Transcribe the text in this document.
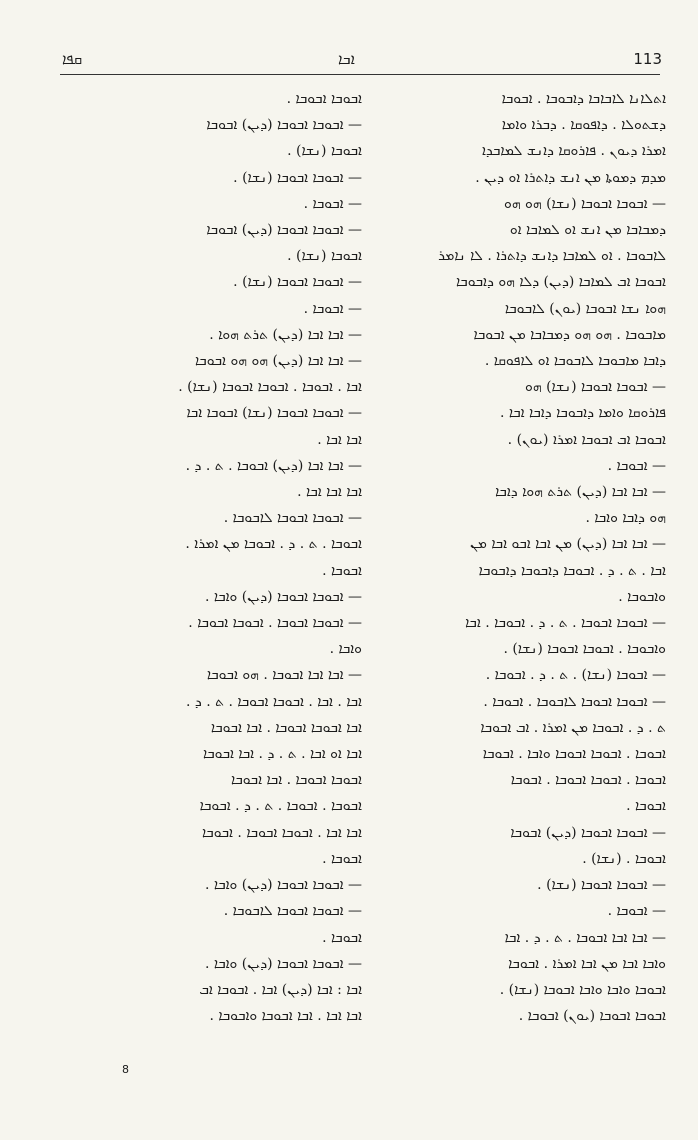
ܩܦܐ	ܐܒܐ	113
ܐܬܠܐܢܐ ܠܐܒܐܒܐ ܕܐܒܘܒܐ . ܐܒܘܒܐ
ܕܫܬܘܠܐ . ܕܐܦܘܩܐ . ܕܒܪܐ ܘܐܡܐ
ܐܡܪܐ ܕܝܘܢ . ܦܐܪܘܩܐ ܕܐܢܫ ܠܡܐܒܕܐ
ܡܕܡ ܕܡܘܬܐ ܡܢ ܐܢܫ ܕܐܬܪܐ ܐܘ ܕܝܢ .
— ܐܒܘܒܐ ܐܒܘܒܐ (ܢܫܐ) ܗܘ ܗܘ
ܕܡܒܐܒܐ ܡܢ ܐܢܫ ܐܘ ܠܡܐܒܐ ܐܘ
ܠܐܒܘܒܐ . ܐܘ ܠܡܐܒܐ ܕܐܢܫ ܕܐܬܪܐ . ܠܐ ܢܐܡܪ
ܐܒܘܒܐ ܐܒ ܠܡܐܒܐ (ܕܝܢ) ܕܠܐ ܗܘ ܕܐܒܘܒܐ
ܗܘܐ ܢܫܐ ܐܒܘܒܐ (ܝܘܢ) ܠܐܒܘܒܐ
ܡܐܒܘܒܐ . ܗܘ ܗܘ ܕܡܒܐܒܐ ܡܢ ܐܒܘܒܐ
ܕܐܒܐ ܡܐܒܘܒܐ ܠܐܒܘܒܐ ܐܘ ܠܐܦܘܩܐ .
— ܐܒܘܒܐ ܐܒܘܒܐ (ܢܫܐ) ܗܘ
ܦܐܪܘܩܐ ܘܐܡܐ ܕܐܒܘܒܐ ܕܐܒܐ ܐܒܐ .
ܐܒܘܒܐ ܐܒ ܐܒܘܒܐ ܐܡܪܐ (ܝܘܢ) .
— ܐܒܘܒܐ .
— ܐܒܐ ܐܒܐ (ܕܝܢ) ܬܪܬ ܗܘܐ ܕܐܒܐ
ܗܘ ܕܐܒܐ ܘܐܒܐ .
— ܐܒܐ ܐܒܐ (ܕܝܢ) ܡܢ ܐܒܐ ܐܒܘ ܐܒܐ ܡܢ
ܐܒܐ . ܬ . ܕ . ܐܒܘܒܐ ܕܐܒܘܒܐ ܕܐܒܘܒܐ
ܘܐܒܘܒܐ .
— ܐܒܘܒܐ ܐܒܘܒܐ . ܬ . ܕ . ܐܒܘܒܐ . ܐܒܐ
ܘܐܒܘܒܐ . ܐܒܘܒܐ ܐܒܘܒܐ (ܢܫܐ) .
— ܐܒܘܒܐ (ܢܫܐ) . ܬ . ܕ . ܐܒܘܒܐ .
— ܐܒܘܒܐ ܐܒܘܒܐ ܠܐܒܘܒܐ . ܐܒܘܒܐ .
ܬ . ܕ . ܐܒܘܒܐ ܡܢ ܐܡܪܐ . ܐܒ ܐܒܘܒܐ
ܐܒܘܒܐ . ܐܒܘܒܐ ܐܒܘܒܐ ܘܐܒܐ . ܐܒܘܒܐ
ܐܒܘܒܐ . ܐܒܘܒܐ ܐܒܘܒܐ . ܐܒܘܒܐ
ܐܒܘܒܐ .
— ܐܒܘܒܐ ܐܒܘܒܐ (ܕܝܢ) ܐܒܘܒܐ
ܐܒܘܒܐ . (ܢܫܐ) .
— ܐܒܘܒܐ ܐܒܘܒܐ (ܢܫܐ) .
— ܐܒܘܒܐ .
— ܐܒܐ ܐܒܐ ܐܒܘܒܐ . ܬ . ܕ . ܐܒܐ
ܘܐܒܐ ܐܒܐ ܡܢ ܐܒܐ ܐܡܪܐ . ܐܒܘܒܐ
ܐܒܘܒܐ ܘܐܒܐ ܘܐܒܐ ܐܒܘܒܐ (ܢܫܐ) .
ܐܒܘܒܐ ܐܒܘܒܐ (ܝܘܢ) ܐܒܘܒܐ .
ܐܒܘܒܐ ܐܒܘܒܐ .
— ܐܒܘܒܐ ܐܒܘܒܐ (ܕܝܢ) ܐܒܘܒܐ
ܐܒܘܒܐ (ܢܫܐ) .
— ܐܒܘܒܐ ܐܒܘܒܐ (ܢܫܐ) .
— ܐܒܘܒܐ .
— ܐܒܘܒܐ ܐܒܘܒܐ (ܕܝܢ) ܐܒܘܒܐ
ܐܒܘܒܐ (ܢܫܐ) .
— ܐܒܘܒܐ ܐܒܘܒܐ (ܢܫܐ) .
— ܐܒܘܒܐ .
— ܐܒܐ ܐܒܐ (ܕܝܢ) ܬܪܬ ܗܘܐ .
— ܐܒܐ ܐܒܐ (ܕܝܢ) ܗܘ ܗܘ ܐܒܘܒܐ
ܐܒܐ . ܐܒܘܒܐ . ܐܒܘܒܐ ܐܒܘܒܐ (ܢܫܐ) .
— ܐܒܘܒܐ ܐܒܘܒܐ (ܢܫܐ) ܐܒܘܒܐ ܐܒܐ
ܐܒܐ ܐܒܐ .
— ܐܒܐ ܐܒܐ (ܕܝܢ) ܐܒܘܒܐ . ܬ . ܕ .
ܐܒܐ ܐܒܐ ܐܒܐ .
— ܐܒܘܒܐ ܐܒܘܒܐ ܠܐܒܘܒܐ .
ܐܒܘܒܐ . ܬ . ܕ . ܐܒܘܒܐ ܡܢ ܐܡܪܐ .
ܐܒܘܒܐ .
— ܐܒܘܒܐ ܐܒܘܒܐ (ܕܝܢ) ܘܐܒܐ .
— ܐܒܘܒܐ ܐܒܘܒܐ . ܐܒܘܒܐ ܐܒܘܒܐ .
ܘܐܒܐ .
— ܐܒܐ ܐܒܐ ܐܒܘܒܐ . ܗܘ ܐܒܘܒܐ
ܐܒܐ . ܐܒܐ . ܐܒܘܒܐ ܐܒܘܒܐ . ܬ . ܕ .
ܐܒܐ ܐܒܘܒܐ ܐܒܘܒܐ . ܐܒܐ ܐܒܘܒܐ
ܐܒܐ ܐܘ ܐܒܐ . ܬ . ܕ . ܐܒܐ ܐܒܘܒܐ
ܐܒܘܒܐ ܐܒܘܒܐ . ܐܒܐ ܐܒܘܒܐ
ܐܒܘܒܐ . ܐܒܘܒܐ . ܬ . ܕ . ܐܒܘܒܐ
ܐܒܐ ܐܒܐ . ܐܒܘܒܐ ܐܒܘܒܐ . ܐܒܘܒܐ
ܐܒܘܒܐ .
— ܐܒܘܒܐ ܐܒܘܒܐ (ܕܝܢ) ܘܐܒܐ .
— ܐܒܘܒܐ ܐܒܘܒܐ ܠܐܒܘܒܐ .
ܐܒܘܒܐ .
— ܐܒܘܒܐ ܐܒܘܒܐ (ܕܝܢ) ܘܐܒܐ .
ܐܒܐ : ܐܒܐ (ܕܝܢ) ܐܒܐ . ܐܒܘܒܐ ܐܒ
ܐܒܐ ܐܒܐ . ܐܒܐ ܐܒܘܒܐ ܘܐܒܘܒܐ .
8
